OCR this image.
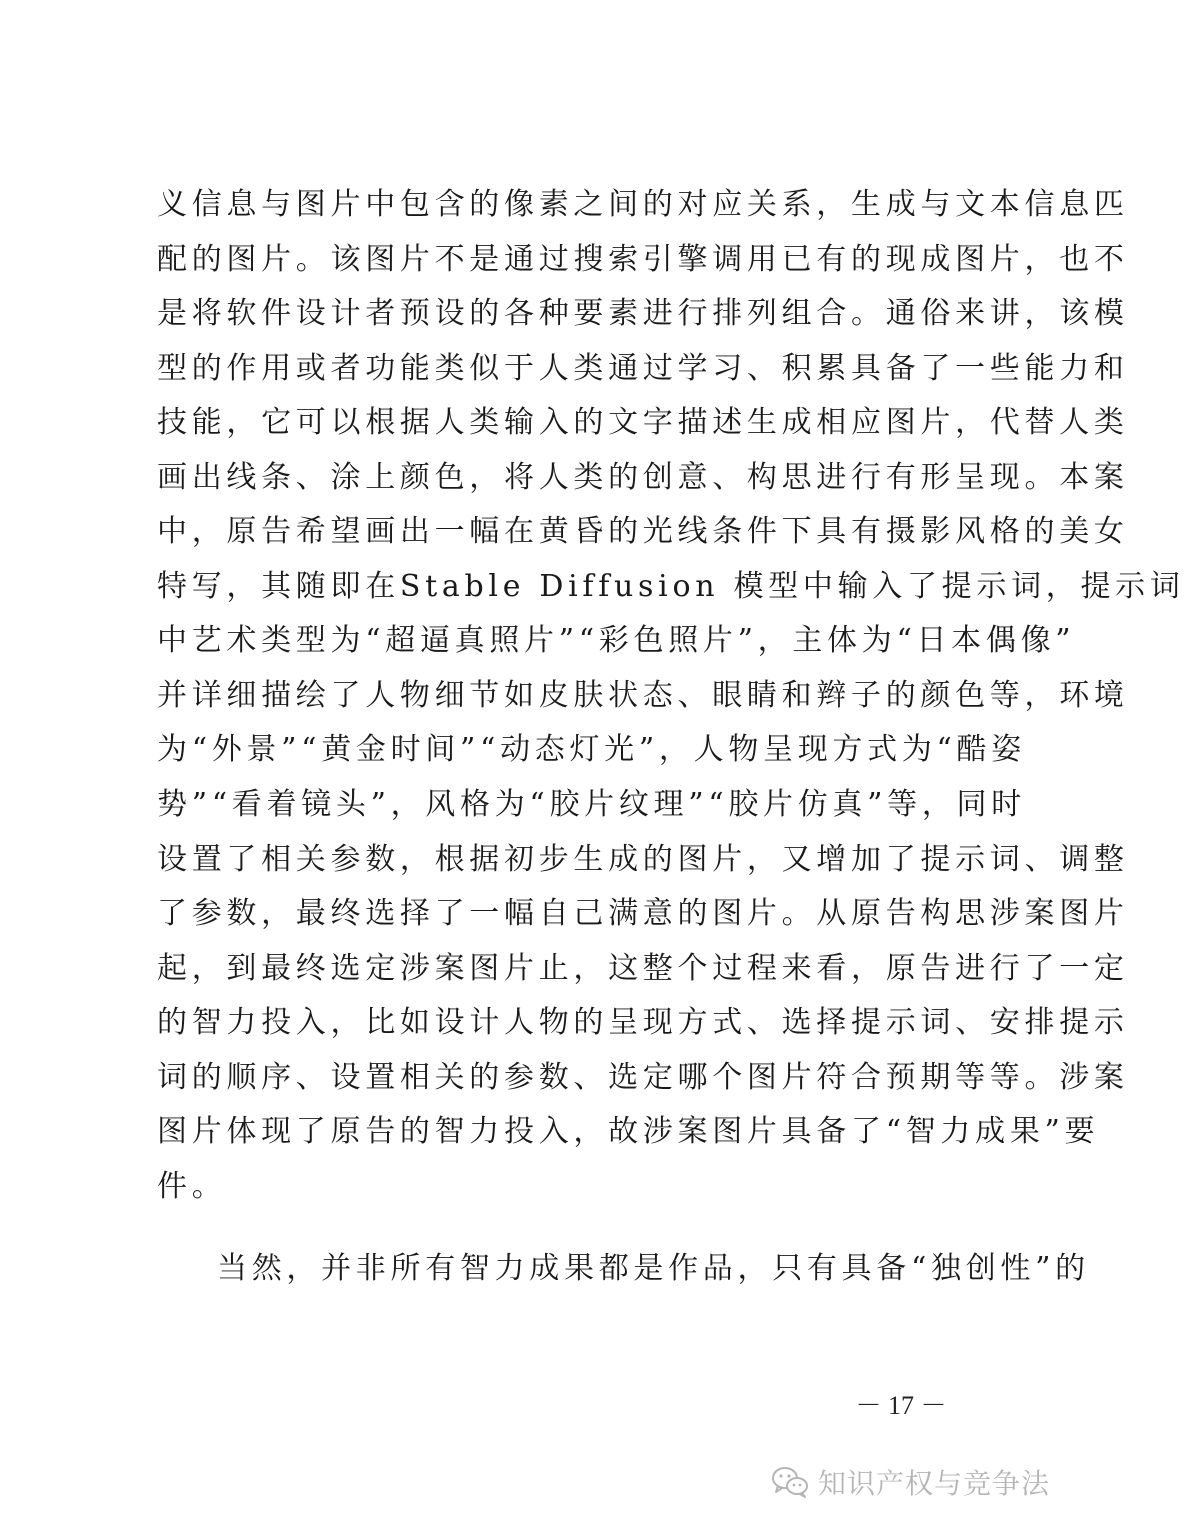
义信息与图片中包含的像素之间的对应关系，生成与文本信息匹
配的图片。该图片不是通过搜索引擎调用已有的现成图片，也不
是将软件设计者预设的各种要素进行排列组合。通俗来讲，该模
型的作用或者功能类似于人类通过学习、积累具备了一些能力和
技能，它可以根据人类输入的文字描述生成相应图片，代替人类
画出线条、涂上颜色，将人类的创意、构思进行有形呈现。本案
中，原告希望画出一幅在黄昏的光线条件下具有摄影风格的美女
特写，其随即在Stable Diffusion 模型中输入了提示词，提示词
中艺术类型为“超逼真照片”“彩色照片”，主体为“日本偶像”
并详细描绘了人物细节如皮肤状态、眼睛和辫子的颜色等，环境
为“外景”“黄金时间”“动态灯光”，人物呈现方式为“酷姿
势”“看着镜头”，风格为“胶片纹理”“胶片仿真”等，同时
设置了相关参数，根据初步生成的图片，又增加了提示词、调整
了参数，最终选择了一幅自己满意的图片。从原告构思涉案图片
起，到最终选定涉案图片止，这整个过程来看，原告进行了一定
的智力投入，比如设计人物的呈现方式、选择提示词、安排提示
词的顺序、设置相关的参数、选定哪个图片符合预期等等。涉案
图片体现了原告的智力投入，故涉案图片具备了“智力成果”要
件。
当然，并非所有智力成果都是作品，只有具备“独创性”的
－ 17 －
知识产权与竞争法
